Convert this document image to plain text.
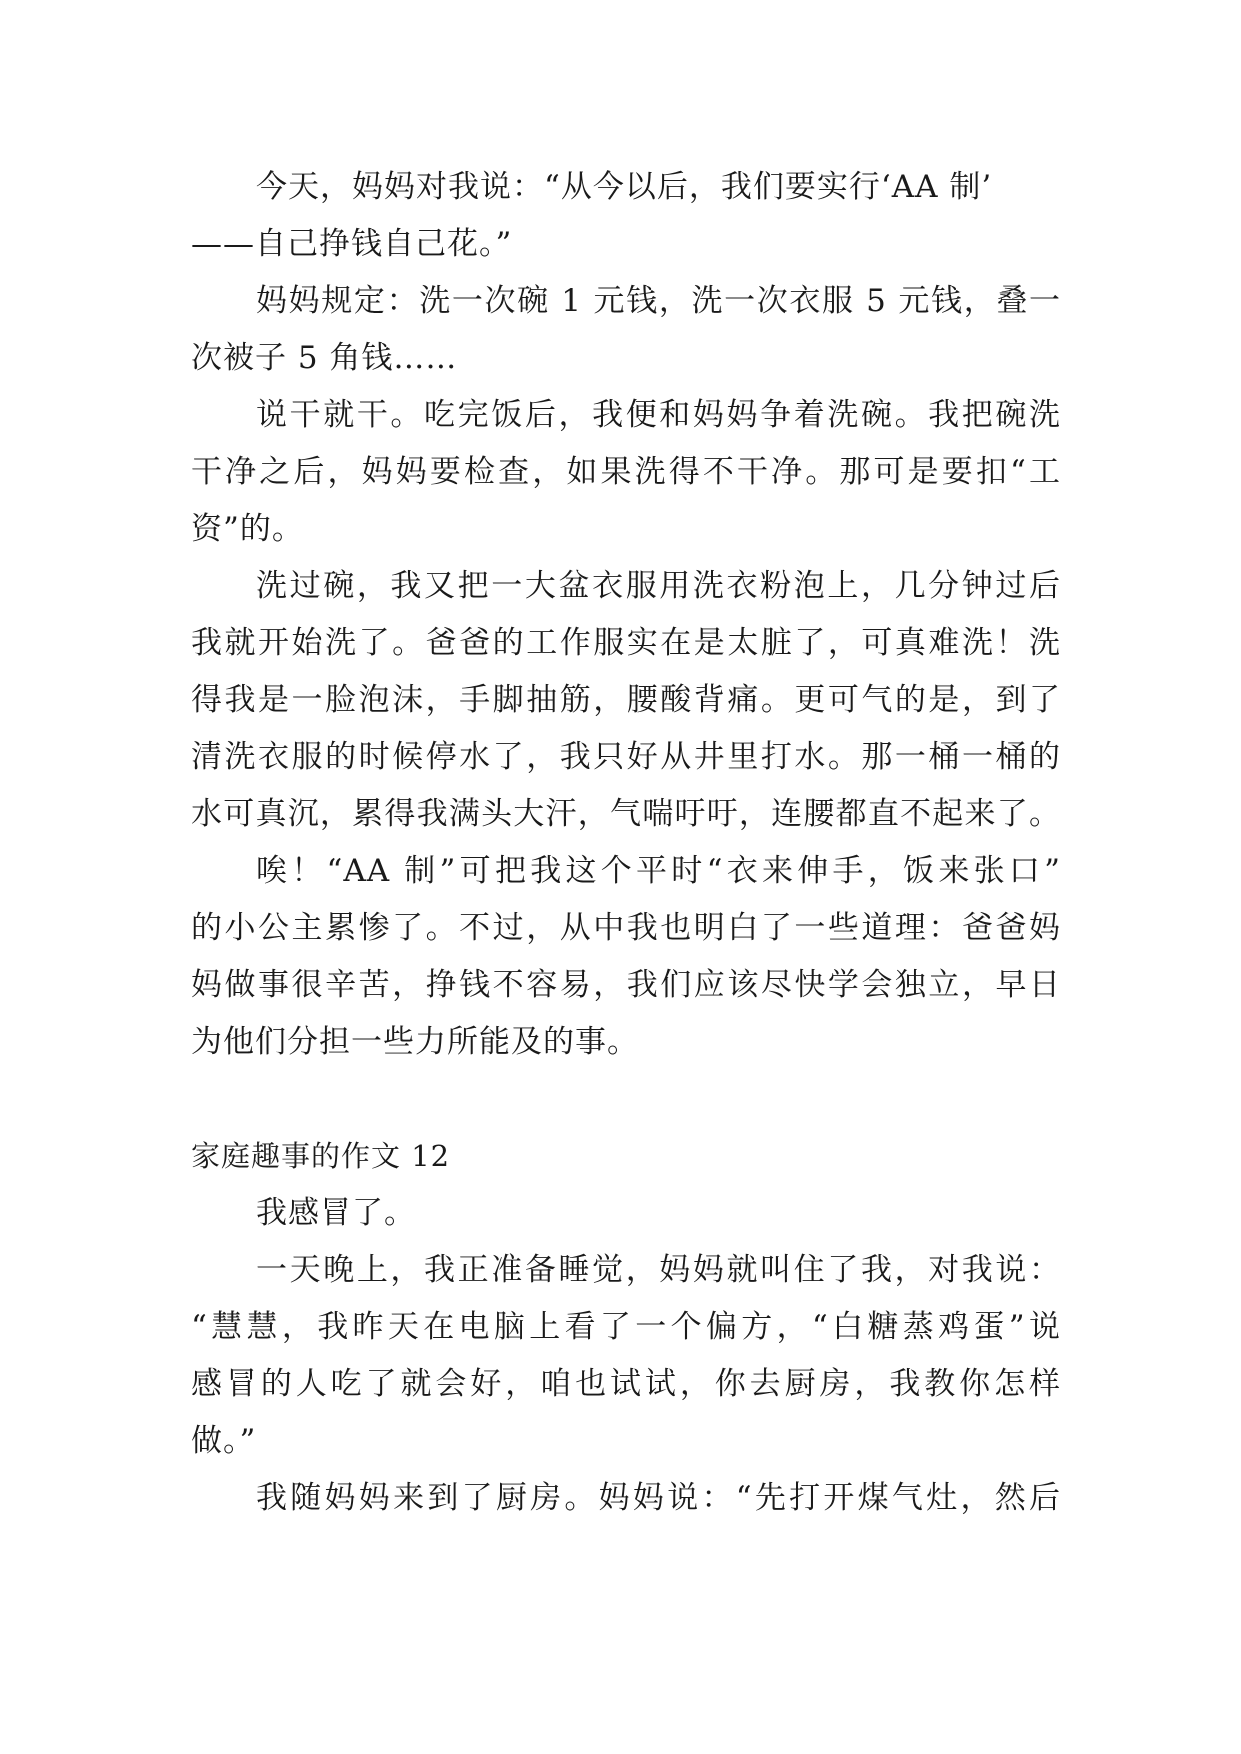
今天，妈妈对我说：“从今以后，我们要实行‘AA 制’
——自己挣钱自己花。”
妈妈规定：洗一次碗 1 元钱，洗一次衣服 5 元钱，叠一
次被子 5 角钱……
说干就干。吃完饭后，我便和妈妈争着洗碗。我把碗洗
干净之后，妈妈要检查，如果洗得不干净。那可是要扣“工
资”的。
洗过碗，我又把一大盆衣服用洗衣粉泡上，几分钟过后
我就开始洗了。爸爸的工作服实在是太脏了，可真难洗！洗
得我是一脸泡沫，手脚抽筋，腰酸背痛。更可气的是，到了
清洗衣服的时候停水了，我只好从井里打水。那一桶一桶的
水可真沉，累得我满头大汗，气喘吁吁，连腰都直不起来了。
唉！“AA 制”可把我这个平时“衣来伸手，饭来张口”
的小公主累惨了。不过，从中我也明白了一些道理：爸爸妈
妈做事很辛苦，挣钱不容易，我们应该尽快学会独立，早日
为他们分担一些力所能及的事。
家庭趣事的作文 12
我感冒了。
一天晚上，我正准备睡觉，妈妈就叫住了我，对我说：
“慧慧，我昨天在电脑上看了一个偏方，“白糖蒸鸡蛋”说
感冒的人吃了就会好，咱也试试，你去厨房，我教你怎样
做。”
我随妈妈来到了厨房。妈妈说：“先打开煤气灶，然后
